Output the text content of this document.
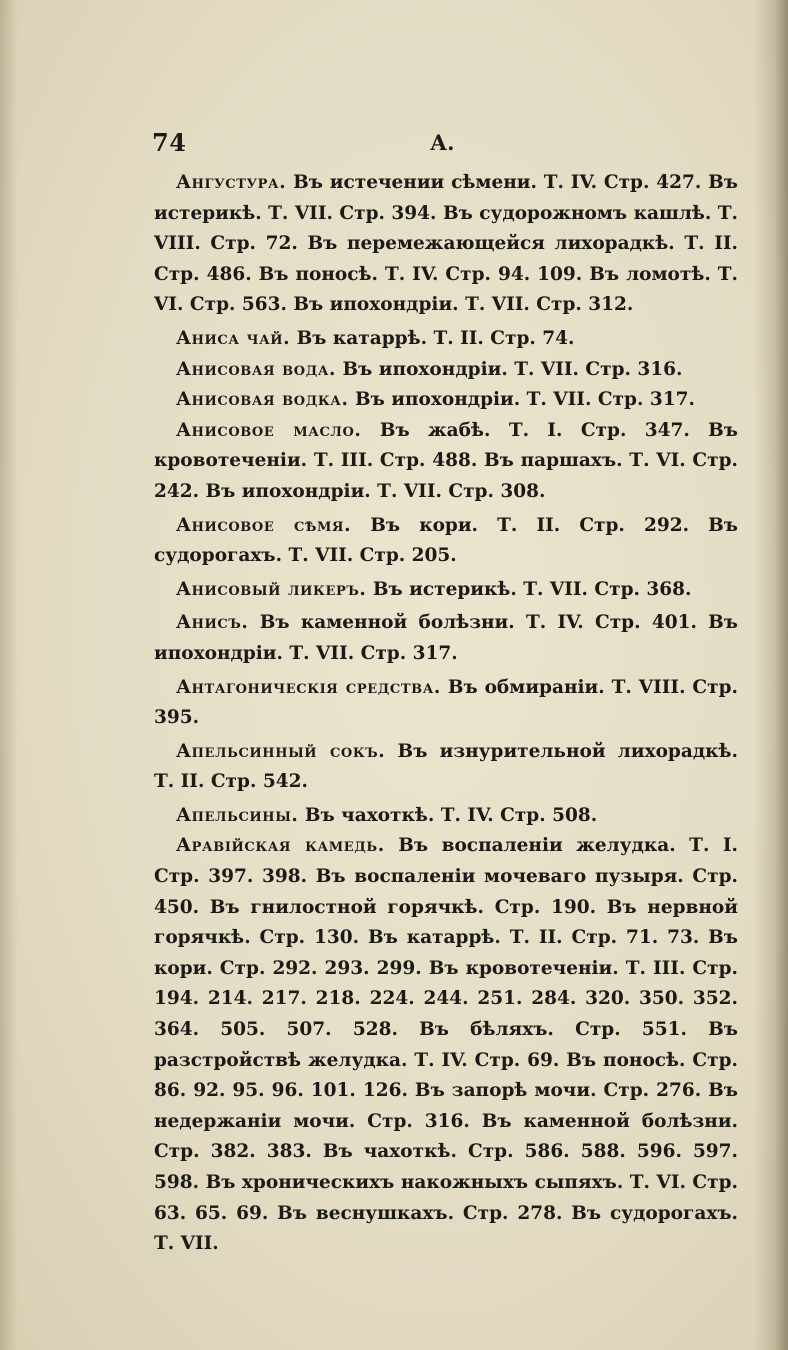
74	А.

Ангустура. Въ истечении сѣмени. Т. IV. Стр. 427. Въ истерикѣ. Т. VII. Стр. 394. Въ судорожномъ кашлѣ. Т. VIII. Стр. 72. Въ перемежающейся лихорадкѣ. Т. II. Стр. 486. Въ поносѣ. Т. IV. Стр. 94. 109. Въ ломотѣ. Т. VI. Стр. 563. Въ ипохондріи. Т. VII. Стр. 312.

Аниса чай. Въ катаррѣ. Т. II. Стр. 74.

Анисовая вода. Въ ипохондріи. Т. VII. Стр. 316.

Анисовая водка. Въ ипохондріи. Т. VII. Стр. 317.

Анисовое масло. Въ жабѣ. Т. I. Стр. 347. Въ кровотеченіи. Т. III. Стр. 488. Въ паршахъ. Т. VI. Стр. 242. Въ ипохондріи. Т. VII. Стр. 308.

Анисовое сѣмя. Въ кори. Т. II. Стр. 292. Въ судорогахъ. Т. VII. Стр. 205.

Анисовый ликеръ. Въ истерикѣ. Т. VII. Стр. 368.

Анисъ. Въ каменной болѣзни. Т. IV. Стр. 401. Въ ипохондріи. Т. VII. Стр. 317.

Антагоническія средства. Въ обмираніи. Т. VIII. Стр. 395.

Апельсинный сокъ. Въ изнурительной лихорадкѣ. Т. II. Стр. 542.

Апельсины. Въ чахоткѣ. Т. IV. Стр. 508.

Аравійская камедь. Въ воспаленіи желудка. Т. I. Стр. 397. 398. Въ воспаленіи мочеваго пузыря. Стр. 450. Въ гнилостной горячкѣ. Стр. 190. Въ нервной горячкѣ. Стр. 130. Въ катаррѣ. Т. II. Стр. 71. 73. Въ кори. Стр. 292. 293. 299. Въ кровотеченіи. Т. III. Стр. 194. 214. 217. 218. 224. 244. 251. 284. 320. 350. 352. 364. 505. 507. 528. Въ бѣляхъ. Стр. 551. Въ разстройствѣ желудка. Т. IV. Стр. 69. Въ поносѣ. Стр. 86. 92. 95. 96. 101. 126. Въ запорѣ мочи. Стр. 276. Въ недержаніи мочи. Стр. 316. Въ каменной болѣзни. Стр. 382. 383. Въ чахоткѣ. Стр. 586. 588. 596. 597. 598. Въ хроническихъ накожныхъ сыпяхъ. Т. VI. Стр. 63. 65. 69. Въ веснушкахъ. Стр. 278. Въ судорогахъ. Т. VII.
